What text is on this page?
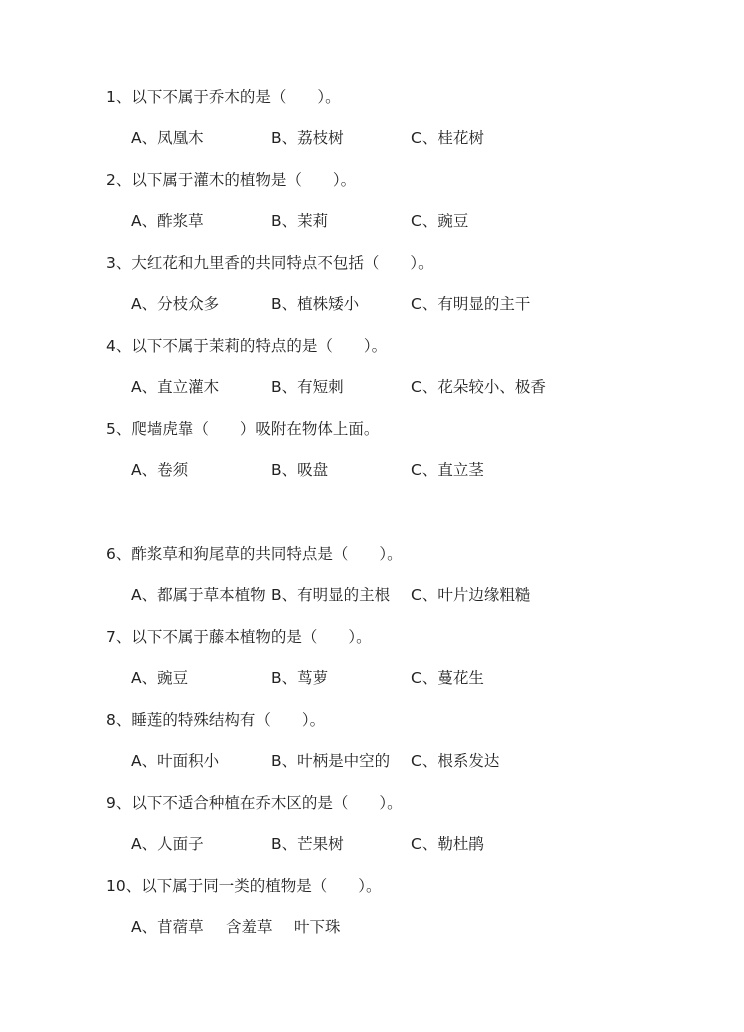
1、以下不属于乔木的是（　　）。
A、凤凰木	B、荔枝树	C、桂花树
2、以下属于灌木的植物是（　　）。
A、酢浆草	B、茉莉	C、豌豆
3、大红花和九里香的共同特点不包括（　　）。
A、分枝众多	B、植株矮小	C、有明显的主干
4、以下不属于茉莉的特点的是（　　）。
A、直立灌木	B、有短刺	C、花朵较小、极香
5、爬墙虎靠（　　）吸附在物体上面。
A、卷须	B、吸盘	C、直立茎
6、酢浆草和狗尾草的共同特点是（　　）。
A、都属于草本植物 B、有明显的主根 C、叶片边缘粗糙
7、以下不属于藤本植物的是（　　）。
A、豌豆	B、茑萝	C、蔓花生
8、睡莲的特殊结构有（　　）。
A、叶面积小	B、叶柄是中空的 C、根系发达
9、以下不适合种植在乔木区的是（　　）。
A、人面子	B、芒果树	C、勒杜鹃
10、以下属于同一类的植物是（　　）。
A、苜蓿草 含羞草 叶下珠
